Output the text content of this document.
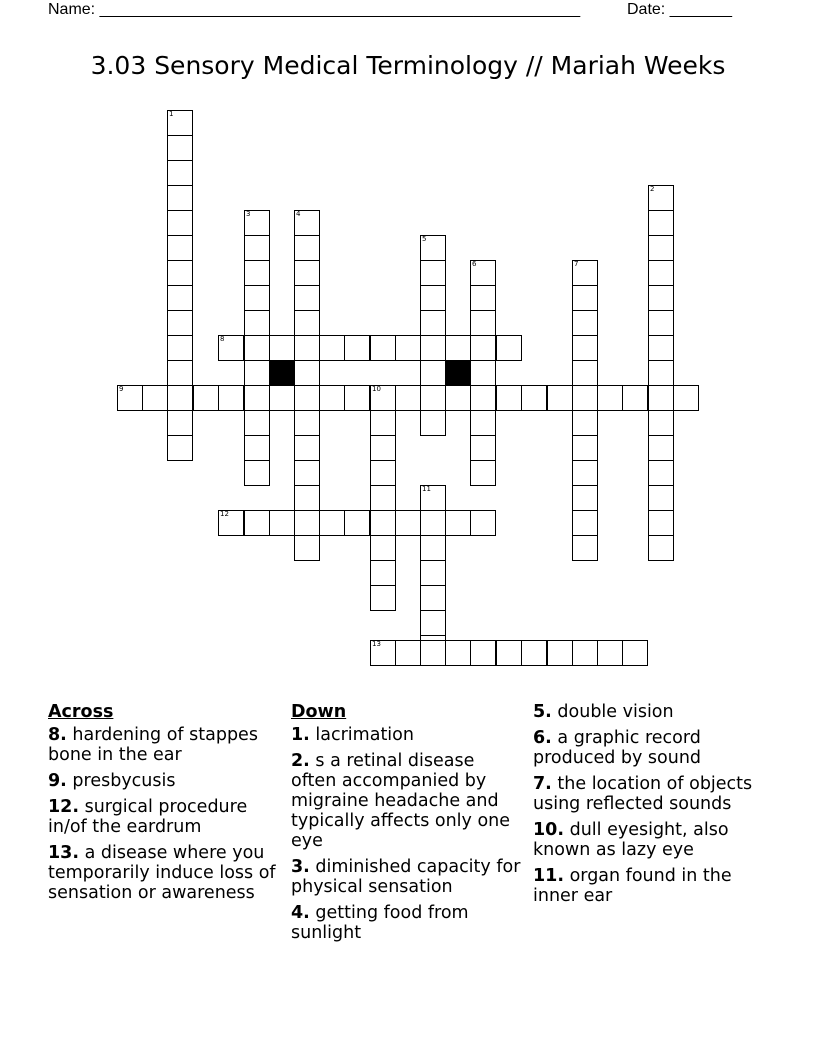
Name: ______________________________________________________	Date: _______
3.03 Sensory Medical Terminology // Mariah Weeks
1
2
3	4
5
6	7
8
9	10
11
12
13
Across
8. hardening of stappes bone in the ear
9. presbycusis
12. surgical procedure in/of the eardrum
13. a disease where you temporarily induce loss of sensation or awareness
Down
1. lacrimation
2. s a retinal disease often accompanied by migraine headache and typically affects only one eye
3. diminished capacity for physical sensation
4. getting food from sunlight
5. double vision
6. a graphic record produced by sound
7. the location of objects using reflected sounds
10. dull eyesight, also known as lazy eye
11. organ found in the inner ear
